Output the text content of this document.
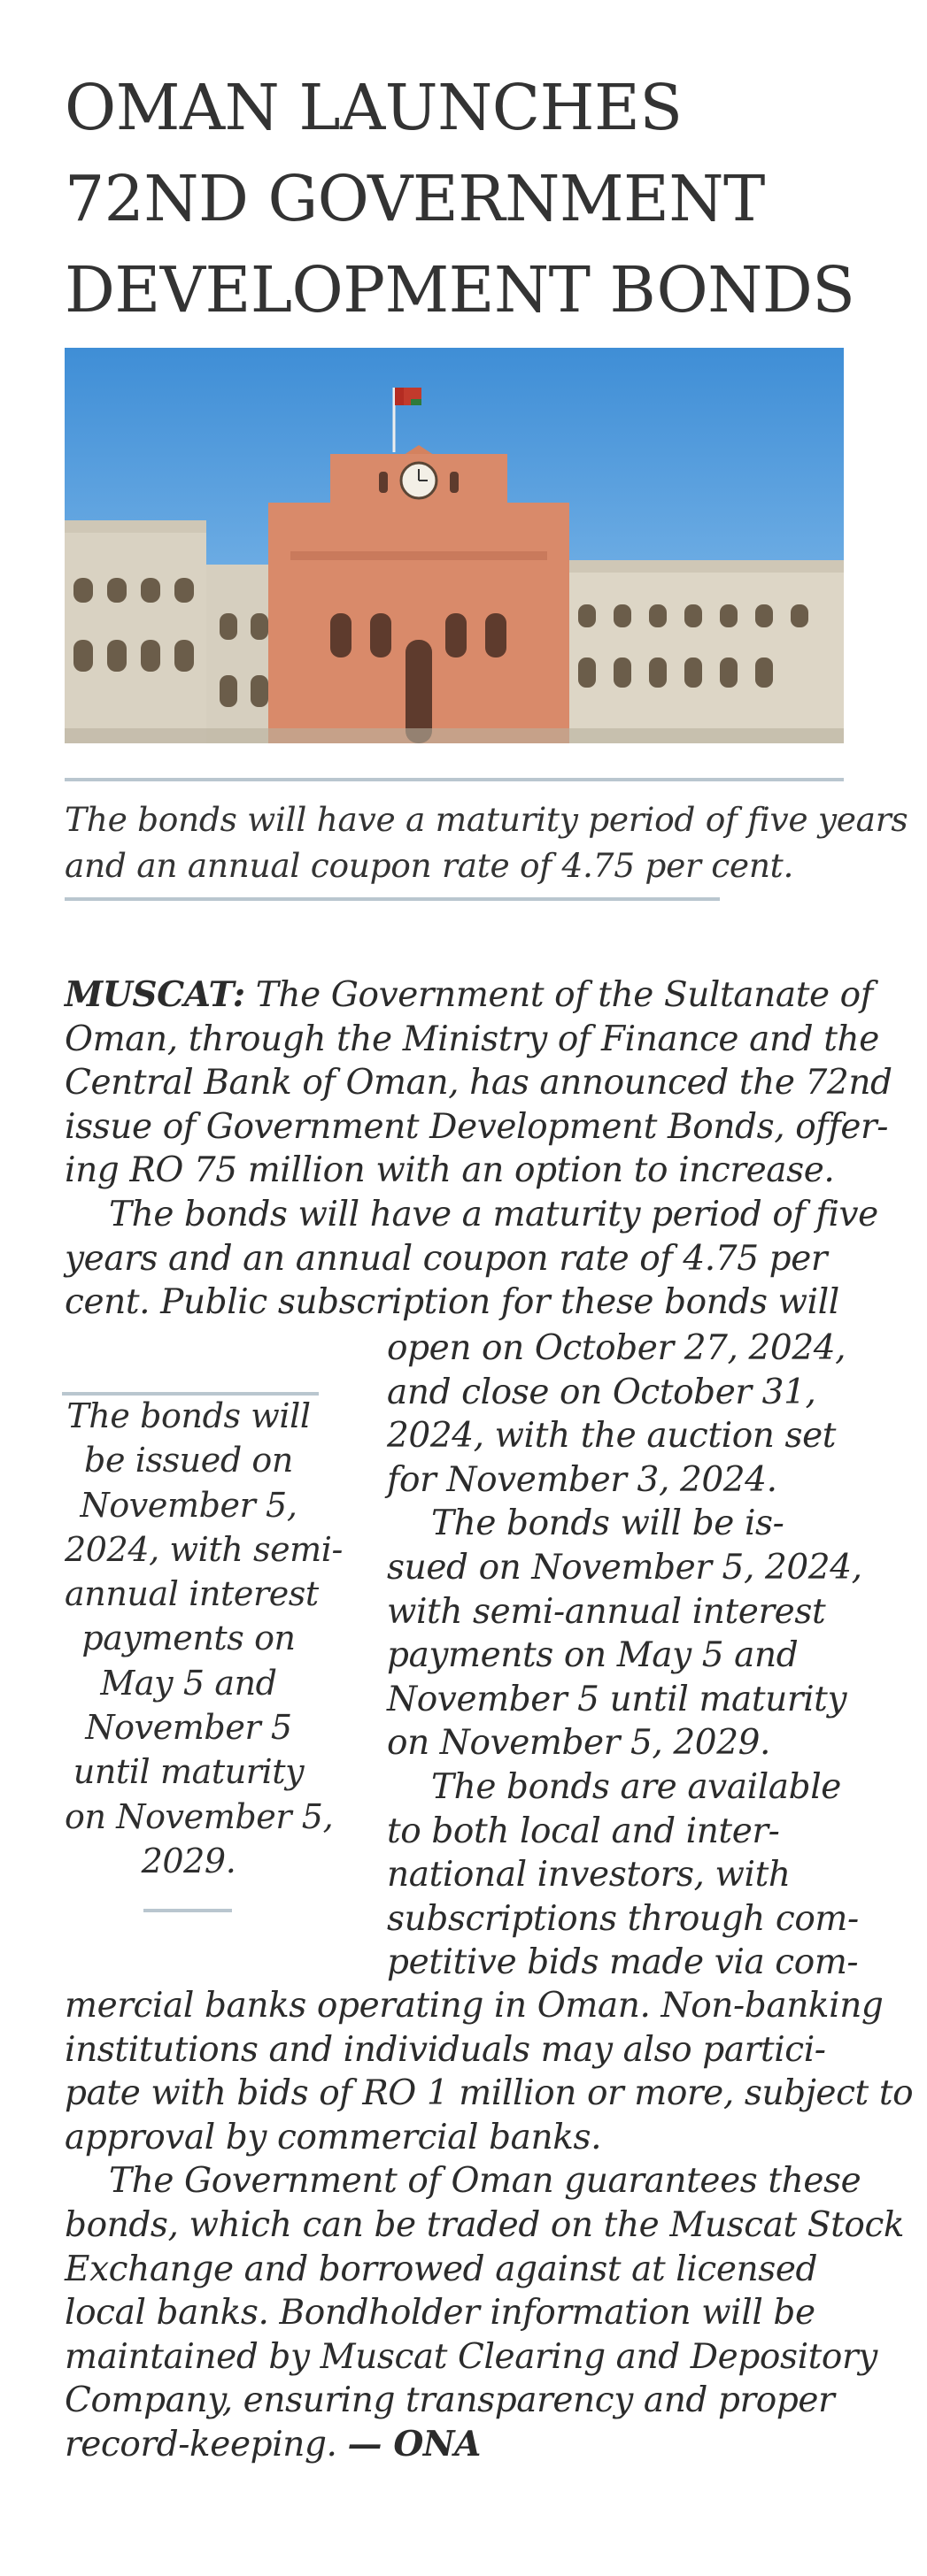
OMAN LAUNCHES
72ND GOVERNMENT
DEVELOPMENT BONDS
The bonds will have a maturity period of five years
and an annual coupon rate of 4.75 per cent.
MUSCAT: The Government of the Sultanate of
Oman, through the Ministry of Finance and the
Central Bank of Oman, has announced the 72nd
issue of Government Development Bonds, offer-
ing RO 75 million with an option to increase.
The bonds will have a maturity period of five
years and an annual coupon rate of 4.75 per
cent. Public subscription for these bonds will
The bonds will
be issued on
November 5,
2024, with semi-
annual interest
payments on
May 5 and
November 5
until maturity
on November 5,
2029.
open on October 27, 2024,
and close on October 31,
2024, with the auction set
for November 3, 2024.
The bonds will be is-
sued on November 5, 2024,
with semi-annual interest
payments on May 5 and
November 5 until maturity
on November 5, 2029.
The bonds are available
to both local and inter-
national investors, with
subscriptions through com-
petitive bids made via com-
mercial banks operating in Oman. Non-banking
institutions and individuals may also partici-
pate with bids of RO 1 million or more, subject to
approval by commercial banks.
The Government of Oman guarantees these
bonds, which can be traded on the Muscat Stock
Exchange and borrowed against at licensed
local banks. Bondholder information will be
maintained by Muscat Clearing and Depository
Company, ensuring transparency and proper
record-keeping. — ONA
